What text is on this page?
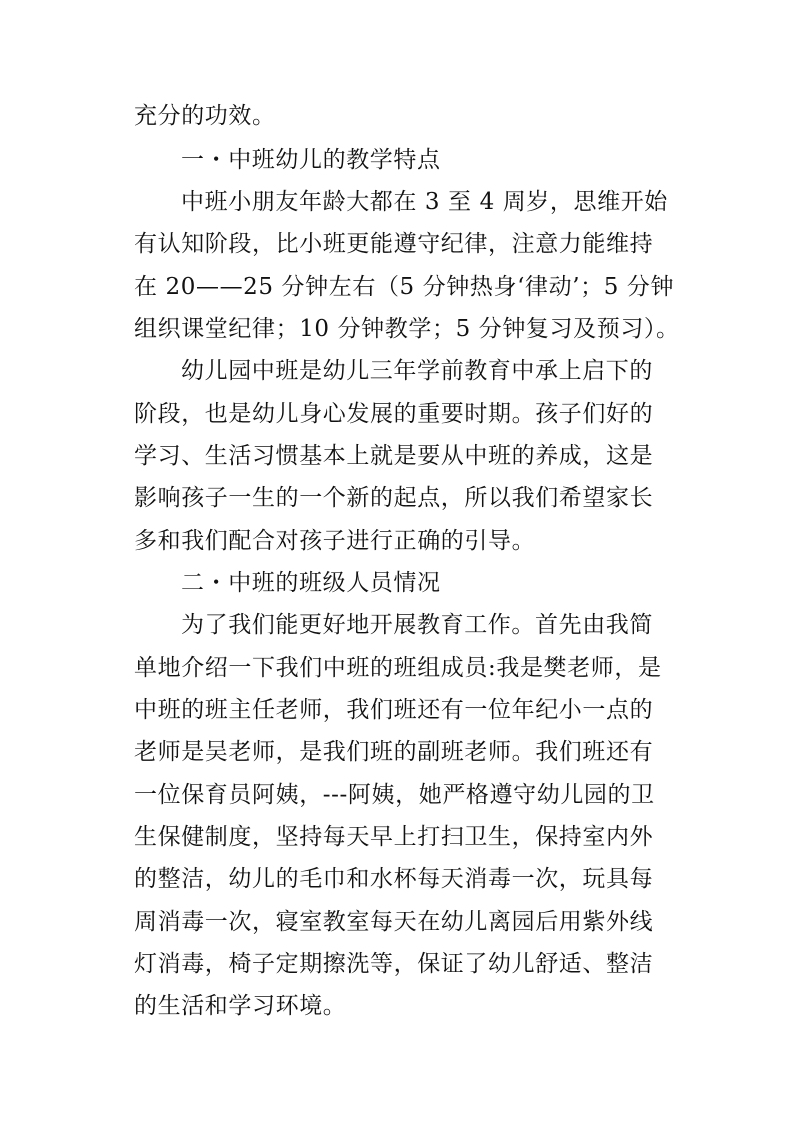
充分的功效。
一・中班幼儿的教学特点
中班小朋友年龄大都在 3 至 4 周岁，思维开始
有认知阶段，比小班更能遵守纪律，注意力能维持
在 20——25 分钟左右（5 分钟热身‘律动’；5 分钟
组织课堂纪律；10 分钟教学；5 分钟复习及预习）。
幼儿园中班是幼儿三年学前教育中承上启下的
阶段，也是幼儿身心发展的重要时期。孩子们好的
学习、生活习惯基本上就是要从中班的养成，这是
影响孩子一生的一个新的起点，所以我们希望家长
多和我们配合对孩子进行正确的引导。
二・中班的班级人员情况
为了我们能更好地开展教育工作。首先由我简
单地介绍一下我们中班的班组成员:我是樊老师，是
中班的班主任老师，我们班还有一位年纪小一点的
老师是吴老师，是我们班的副班老师。我们班还有
一位保育员阿姨，---阿姨，她严格遵守幼儿园的卫
生保健制度，坚持每天早上打扫卫生，保持室内外
的整洁，幼儿的毛巾和水杯每天消毒一次，玩具每
周消毒一次，寝室教室每天在幼儿离园后用紫外线
灯消毒，椅子定期擦洗等，保证了幼儿舒适、整洁
的生活和学习环境。
